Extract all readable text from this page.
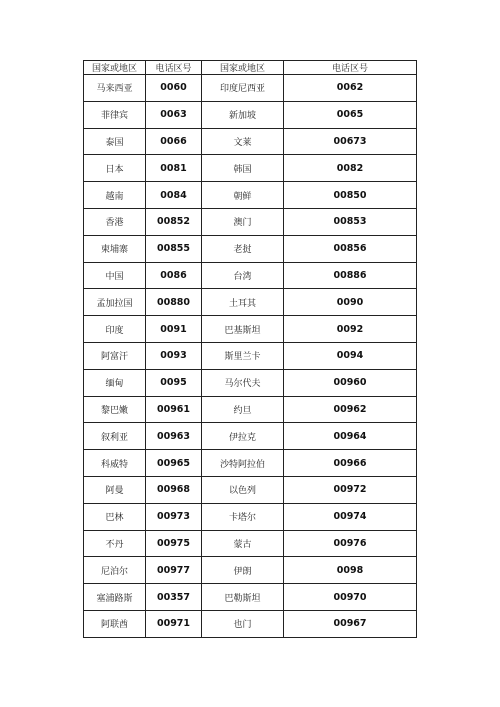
国家或地区	电话区号	国家或地区	电话区号
马来西亚	0060	印度尼西亚	0062
菲律宾	0063	新加坡	0065
泰国	0066	文莱	00673
日本	0081	韩国	0082
越南	0084	朝鲜	00850
香港	00852	澳门	00853
柬埔寨	00855	老挝	00856
中国	0086	台湾	00886
孟加拉国	00880	土耳其	0090
印度	0091	巴基斯坦	0092
阿富汗	0093	斯里兰卡	0094
缅甸	0095	马尔代夫	00960
黎巴嫩	00961	约旦	00962
叙利亚	00963	伊拉克	00964
科威特	00965	沙特阿拉伯	00966
阿曼	00968	以色列	00972
巴林	00973	卡塔尔	00974
不丹	00975	蒙古	00976
尼泊尔	00977	伊朗	0098
塞浦路斯	00357	巴勒斯坦	00970
阿联酋	00971	也门	00967
